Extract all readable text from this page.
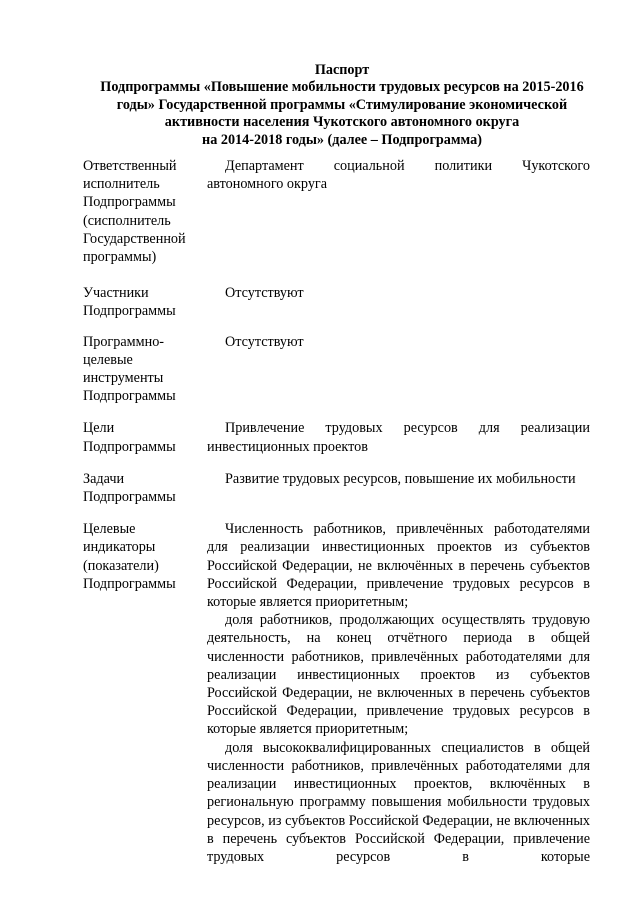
Паспорт
Подпрограммы «Повышение мобильности трудовых ресурсов на 2015-2016
годы» Государственной программы «Стимулирование экономической
активности населения Чукотского автономного округа
на 2014-2018 годы» (далее – Подпрограмма)
Ответственный исполнитель Подпрограммы (сисполнитель Государственной программы)
Департамент социальной политики Чукотского автономного округа
Участники Подпрограммы
Отсутствуют
Программно-целевые инструменты Подпрограммы
Отсутствуют
Цели Подпрограммы
Привлечение трудовых ресурсов для реализации инвестиционных проектов
Задачи Подпрограммы
Развитие трудовых ресурсов, повышение их мобильности
Целевые индикаторы (показатели) Подпрограммы

Численность работников, привлечённых работодателями для реализации инвестиционных проектов из субъектов Российской Федерации, не включённых в перечень субъектов Российской Федерации, привлечение трудовых ресурсов в которые является приоритетным;

доля работников, продолжающих осуществлять трудовую деятельность, на конец отчётного периода в общей численности работников, привлечённых работодателями для реализации инвестиционных проектов из субъектов Российской Федерации, не включенных в перечень субъектов Российской Федерации, привлечение трудовых ресурсов в которые является приоритетным;

доля высококвалифицированных специалистов в общей численности работников, привлечённых работодателями для реализации инвестиционных проектов, включённых в региональную программу повышения мобильности трудовых ресурсов, из субъектов Российской Федерации, не включенных в перечень субъектов Российской Федерации, привлечение трудовых ресурсов в которые
